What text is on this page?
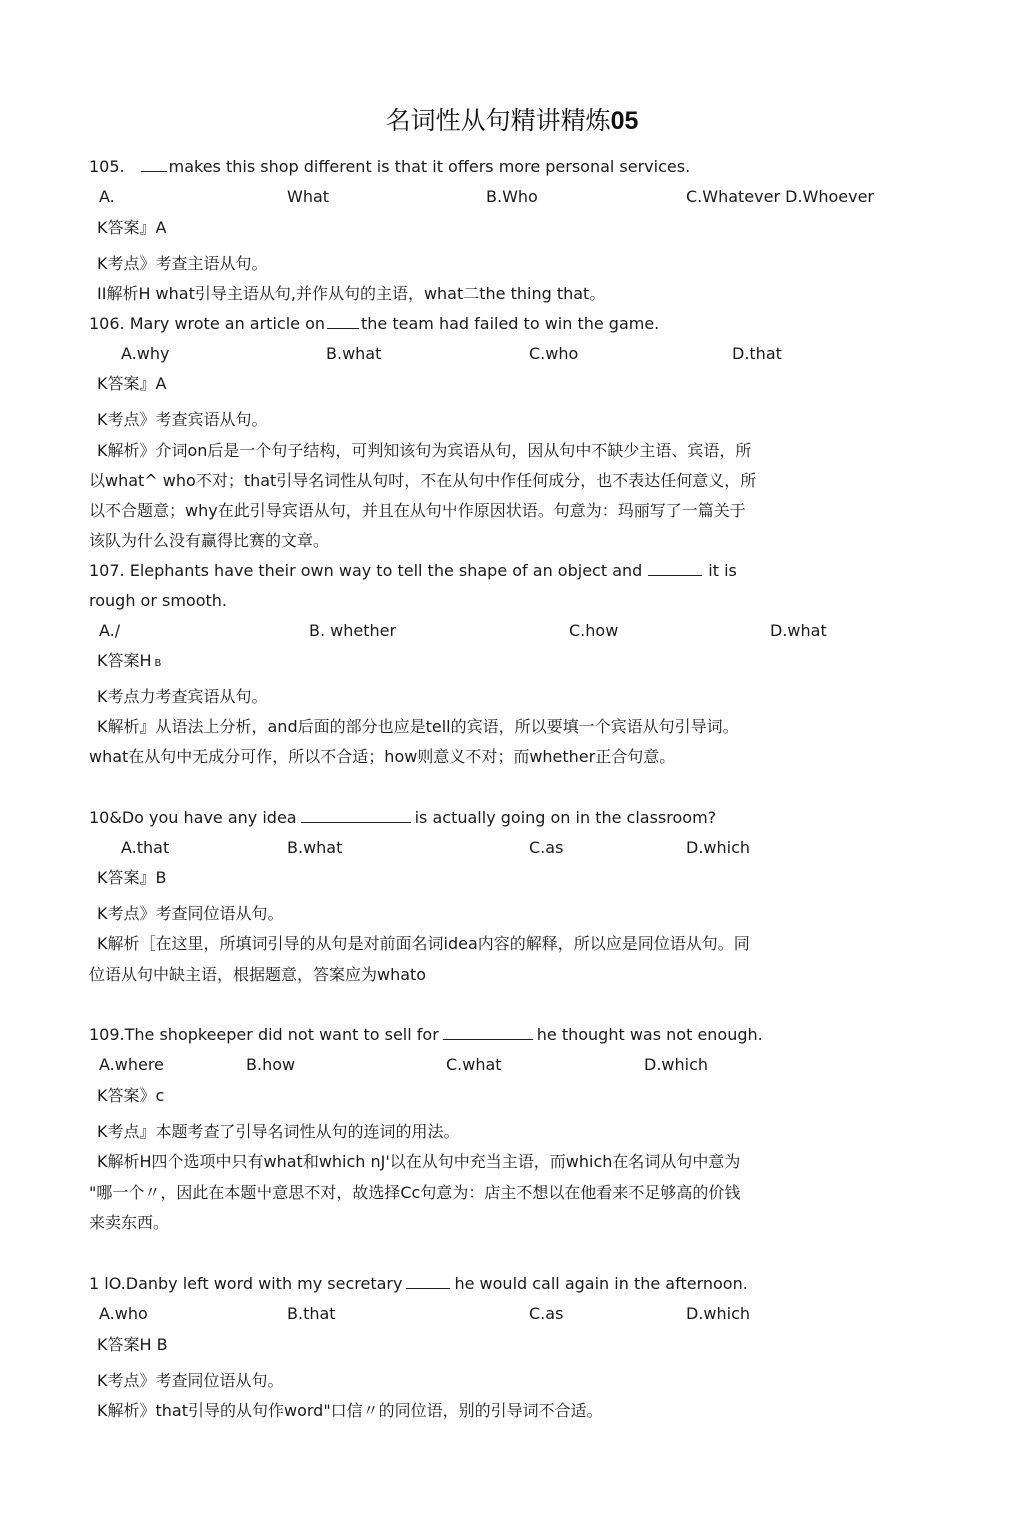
名词性从句精讲精炼05
105.	makes this shop different is that it offers more personal services.
A.	What	B.Who	C.Whatever D.Whoever
K答案』A
K考点》考查主语从句。
II解析H what引导主语从句,并作从句的主语，what二the thing that。
106. Mary wrote an article on the team had failed to win the game.
A.why	B.what	C.who	D.that
K答案』A
K考点》考查宾语从句。
K解析》介词on后是一个句子结构，可判知该句为宾语从句，因从句中不缺少主语、宾语，所
以what^ who不对；that引导名词性从句吋，不在从句中作任何成分，也不表达任何意义，所
以不合题意；why在此引导宾语从句，并且在从句屮作原因状语。句意为：玛丽写了一篇关于
该队为什么没有赢得比赛的文章。
107. Elephants have their own way to tell the shape of an object and	it is
rough or smooth.
A./	B. whether	C.how	D.what
K答案H B
K考点力考查宾语从句。
K解析』从语法上分析，and后面的部分也应是tell的宾语，所以要填一个宾语从句引导词。
what在从句中无成分可作，所以不合适；how则意义不对；而whether正合句意。
10&Do you have any idea	is actually going on in the classroom?
A.that	B.what	C.as	D.which
K答案』B
K考点》考查同位语从句。
K解析［在这里，所填词引导的从句是对前面名词idea内容的解释，所以应是同位语从句。同
位语从句中缺主语，根据题意，答案应为whato
109.The shopkeeper did not want to sell for	he thought was not enough.
A.where	B.how	C.what	D.which
K答案》c
K考点』本题考查了引导名词性从句的连词的用法。
K解析H四个选项中只有what和which nJ'以在从句中充当主语，而which在名词从句中意为
"哪一个〃，因此在本题屮意思不对，故选择Cc句意为：店主不想以在他看来不足够高的价钱
来卖东西。
1 lO.Danby left word with my secretary	he would call again in the afternoon.
A.who	B.that	C.as	D.which
K答案H B
K考点》考查同位语从句。
K解析》that引导的从句作word"口信〃的同位语，别的引导词不合适。
